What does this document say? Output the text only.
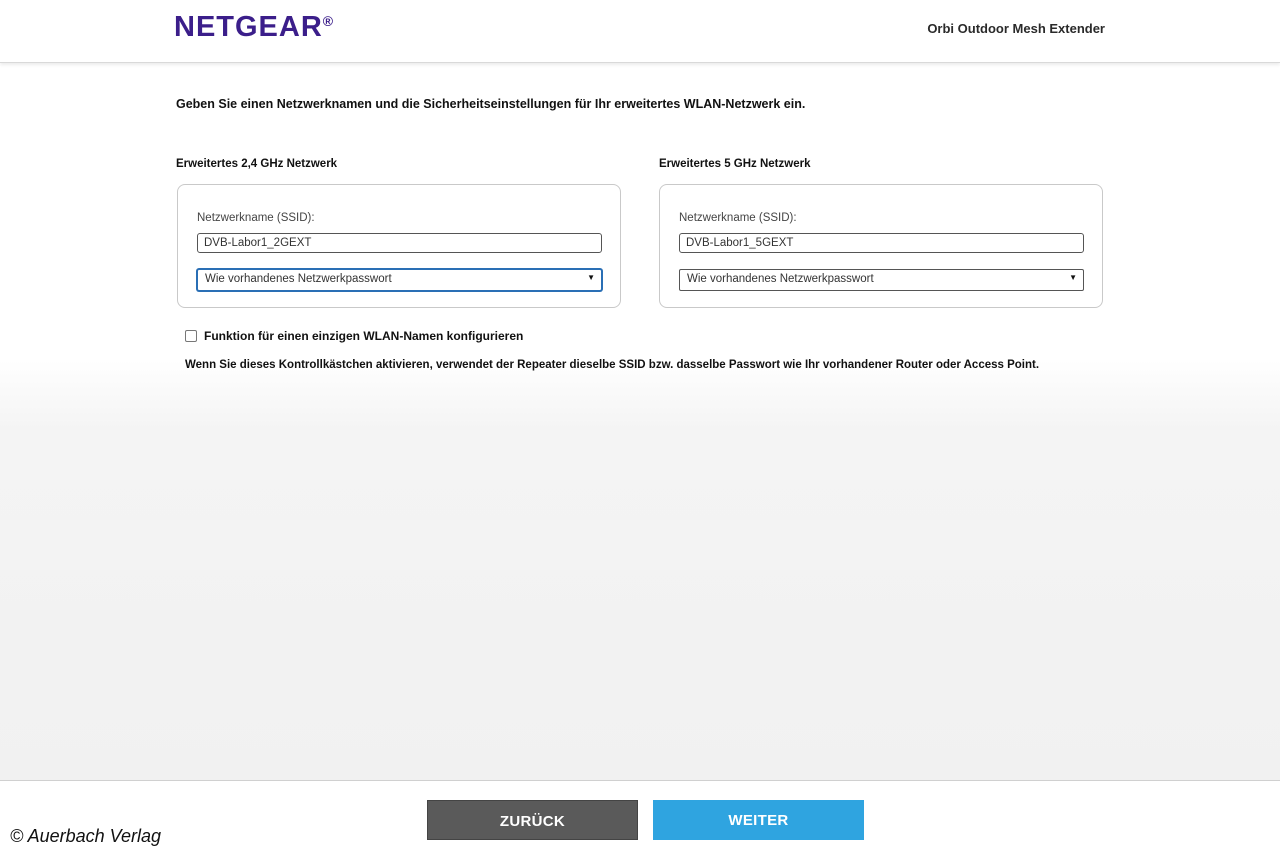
NETGEAR®	Orbi Outdoor Mesh Extender
Geben Sie einen Netzwerknamen und die Sicherheitseinstellungen für Ihr erweitertes WLAN-Netzwerk ein.
Erweitertes 2,4 GHz Netzwerk
Netzwerkname (SSID):
DVB-Labor1_2GEXT
Wie vorhandenes Netzwerkpasswort	▼
Erweitertes 5 GHz Netzwerk
Netzwerkname (SSID):
DVB-Labor1_5GEXT
Wie vorhandenes Netzwerkpasswort	▼
Funktion für einen einzigen WLAN-Namen konfigurieren
Wenn Sie dieses Kontrollkästchen aktivieren, verwendet der Repeater dieselbe SSID bzw. dasselbe Passwort wie Ihr vorhandener Router oder Access Point.
ZURÜCK	WEITER
© Auerbach Verlag
